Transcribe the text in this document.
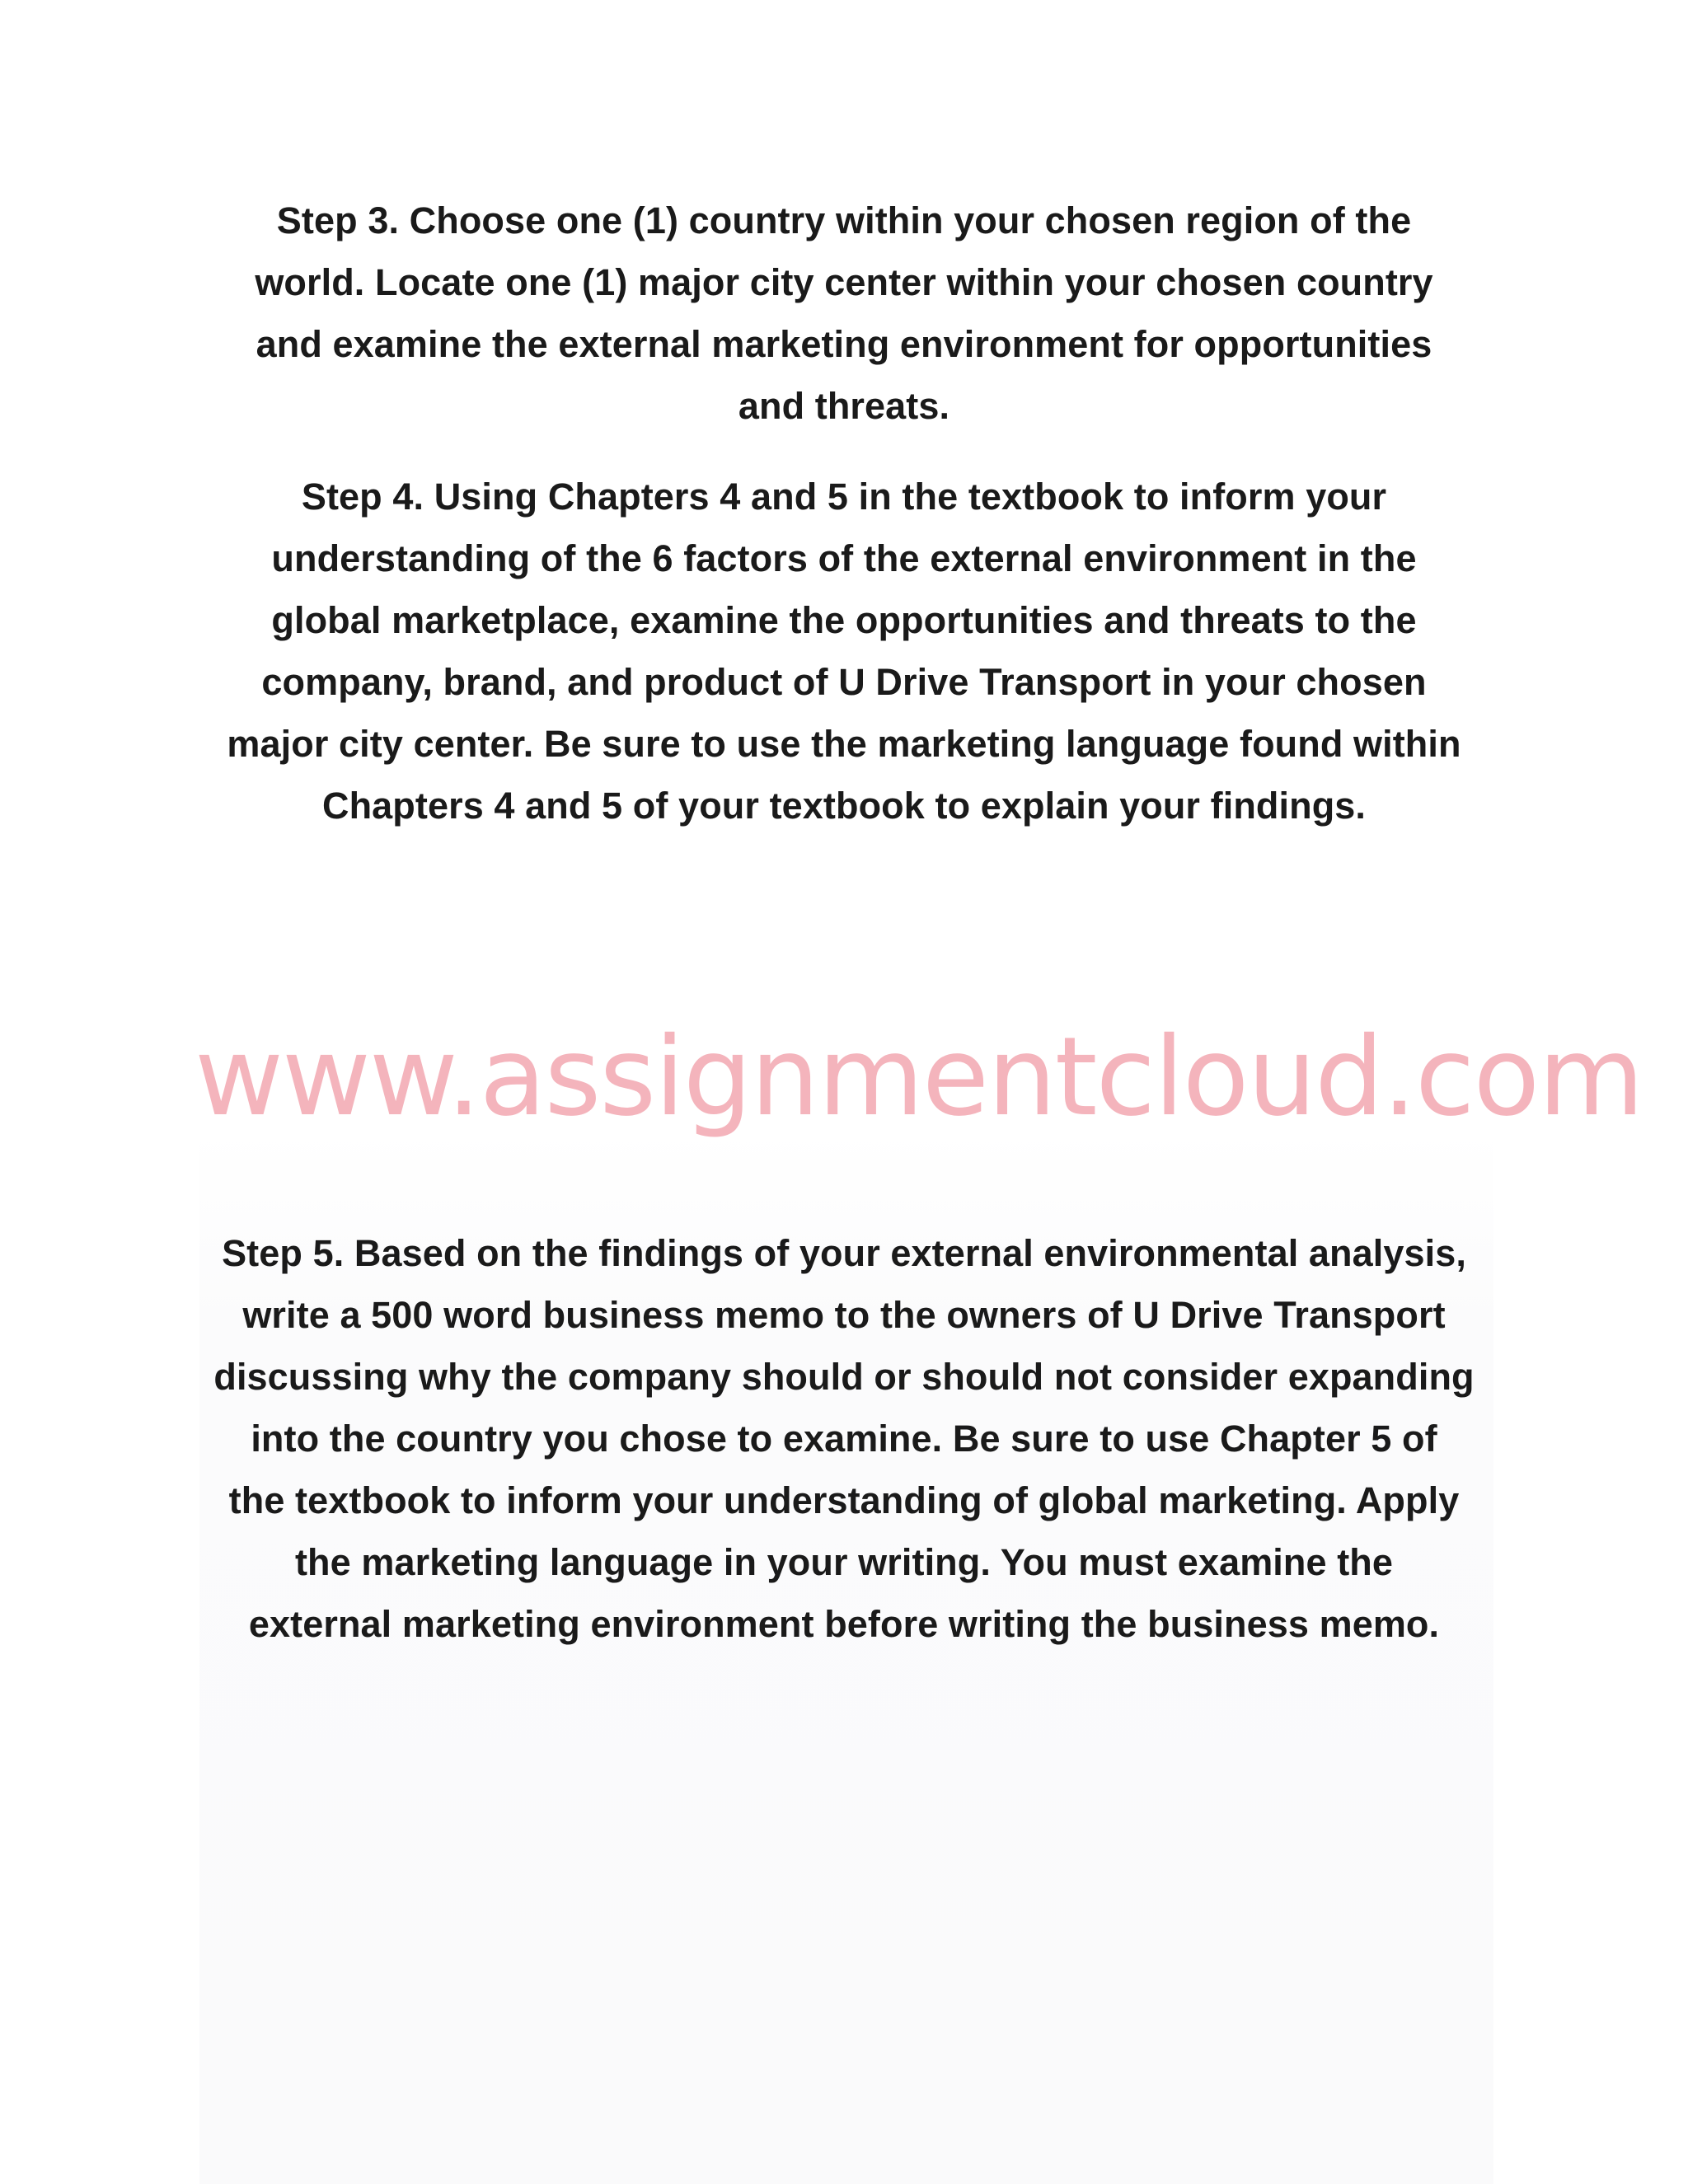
Step 3. Choose one (1) country within your chosen region of the
world. Locate one (1) major city center within your chosen country
and examine the external marketing environment for opportunities
and threats.

Step 4. Using Chapters 4 and 5 in the textbook to inform your
understanding of the 6 factors of the external environment in the
global marketplace, examine the opportunities and threats to the
company, brand, and product of U Drive Transport in your chosen
major city center. Be sure to use the marketing language found within
Chapters 4 and 5 of your textbook to explain your findings.

www.assignmentcloud.com

Step 5. Based on the findings of your external environmental analysis,
write a 500 word business memo to the owners of U Drive Transport
discussing why the company should or should not consider expanding
into the country you chose to examine. Be sure to use Chapter 5 of
the textbook to inform your understanding of global marketing. Apply
the marketing language in your writing. You must examine the
external marketing environment before writing the business memo.
